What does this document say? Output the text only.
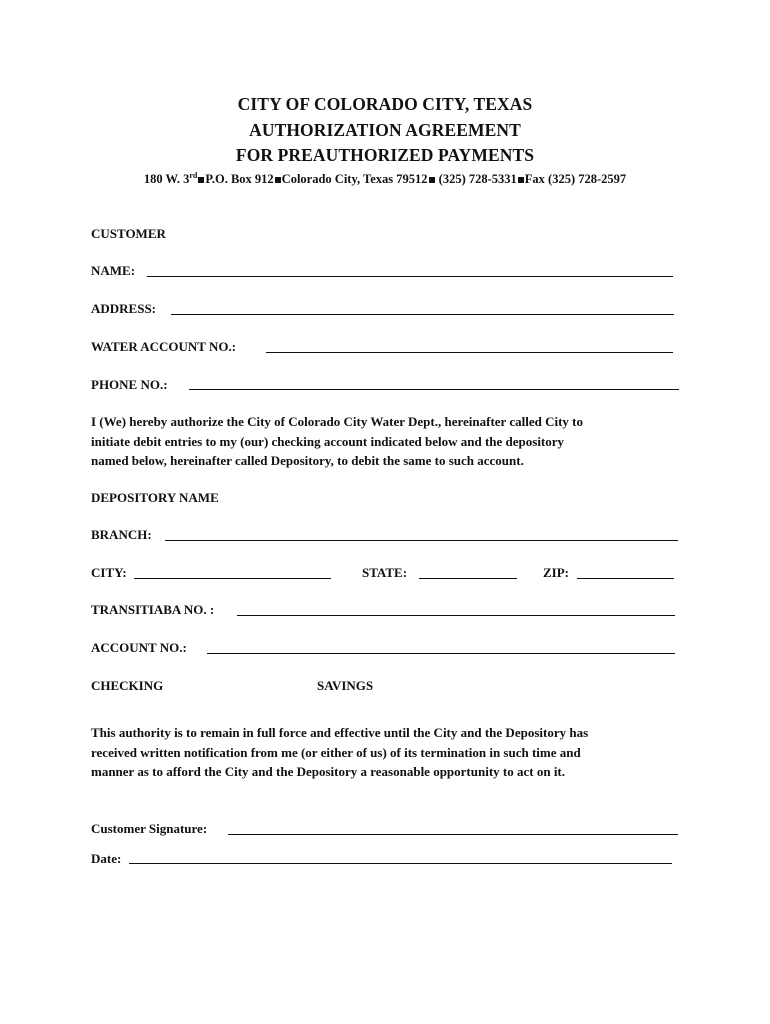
CITY OF COLORADO CITY, TEXAS
AUTHORIZATION AGREEMENT
FOR PREAUTHORIZED PAYMENTS
180 W. 3rd P.O. Box 912 Colorado City, Texas 79512 (325) 728-5331 Fax (325) 728-2597
CUSTOMER
NAME:
ADDRESS:
WATER ACCOUNT NO.:
PHONE NO.:
I (We) hereby authorize the City of Colorado City Water Dept., hereinafter called City to
initiate debit entries to my (our) checking account indicated below and the depository
named below, hereinafter called Depository, to debit the same to such account.
DEPOSITORY NAME
BRANCH:
CITY:	STATE:	ZIP:
TRANSITIABA NO. :
ACCOUNT NO.:
CHECKING	SAVINGS
This authority is to remain in full force and effective until the City and the Depository has
received written notification from me (or either of us) of its termination in such time and
manner as to afford the City and the Depository a reasonable opportunity to act on it.
Customer Signature:
Date:
